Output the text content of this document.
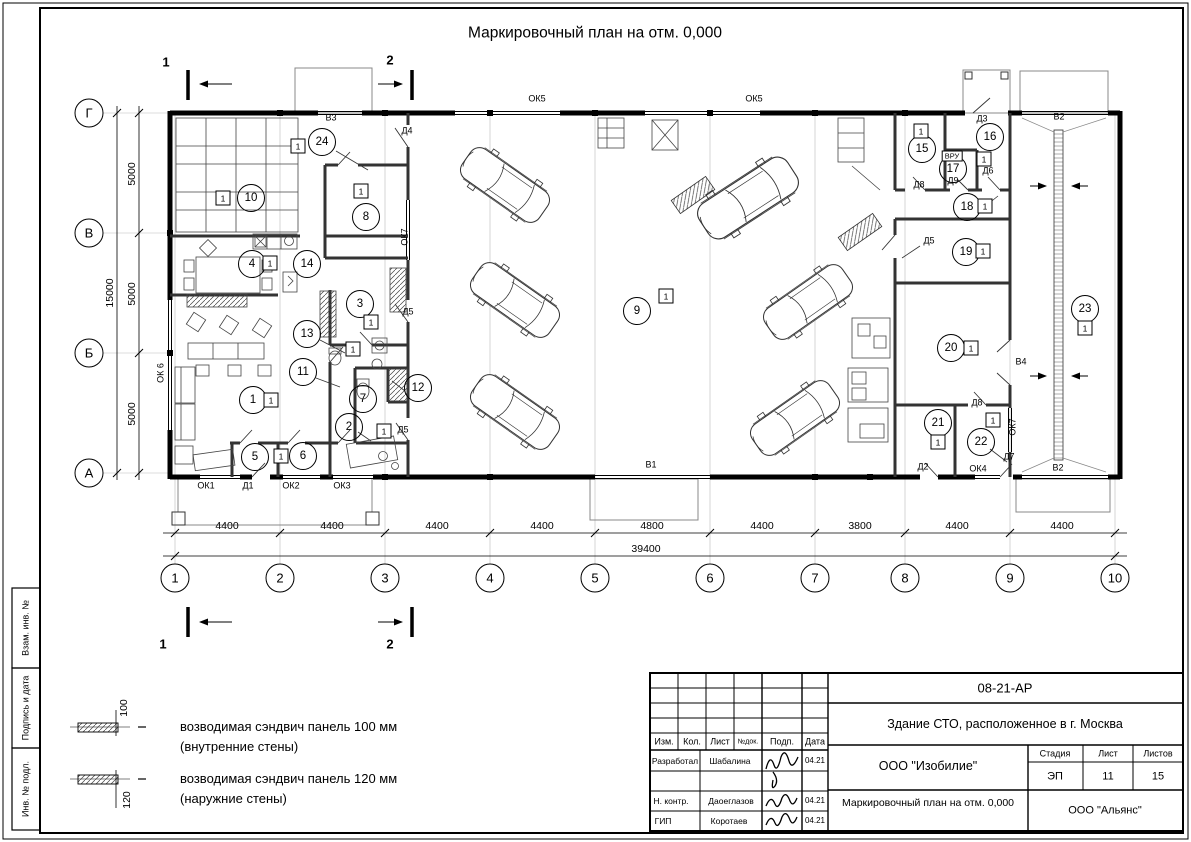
Маркировочный план на отм. 0,000
1	2	3	4	5	6	7	8	9	10
Г
В
Б
А
4400	4400	4400	4400	4800	4400	3800	4400	4400
39400
5000
5000
5000
15000
1	2
1	2
1
2
3
4
5	6
7
8
9
10
11
12
13
14
15
16
17
18
19
20
21
22
23
24
1
1
1
1
1
1
1
1
1
1
1
1
1
1
1
1
1
1
ОК1	Д1	ОК2	ОК3
В1	Д2	ОК4
Д7
В2
ОК5	ОК5
В3
Д4
Д3	В2
Д5
Д5
Д5
Д8	Д9
Д6
Д8
В4
ВРУ
ОК 6
ОК7
ОК7
100
120
возводимая сэндвич панель 100 мм
(внутренние стены)
возводимая сэндвич панель 120 мм
(наружние стены)
Взам. инв. №
Подпись и дата
Инв. № подл.
08-21-АР
Здание СТО, расположенное в г. Москва
ООО "Изобилие"
Маркировочный план на отм. 0,000
ООО "Альянс"
Стадия	Лист	Листов
ЭП	11	15
Изм. Кол. Лист №док. Подп. Дата
Разработал Шабалина	04.21
Н. контр. Даоеглазов	04.21
ГИП	Коротаев	04.21
